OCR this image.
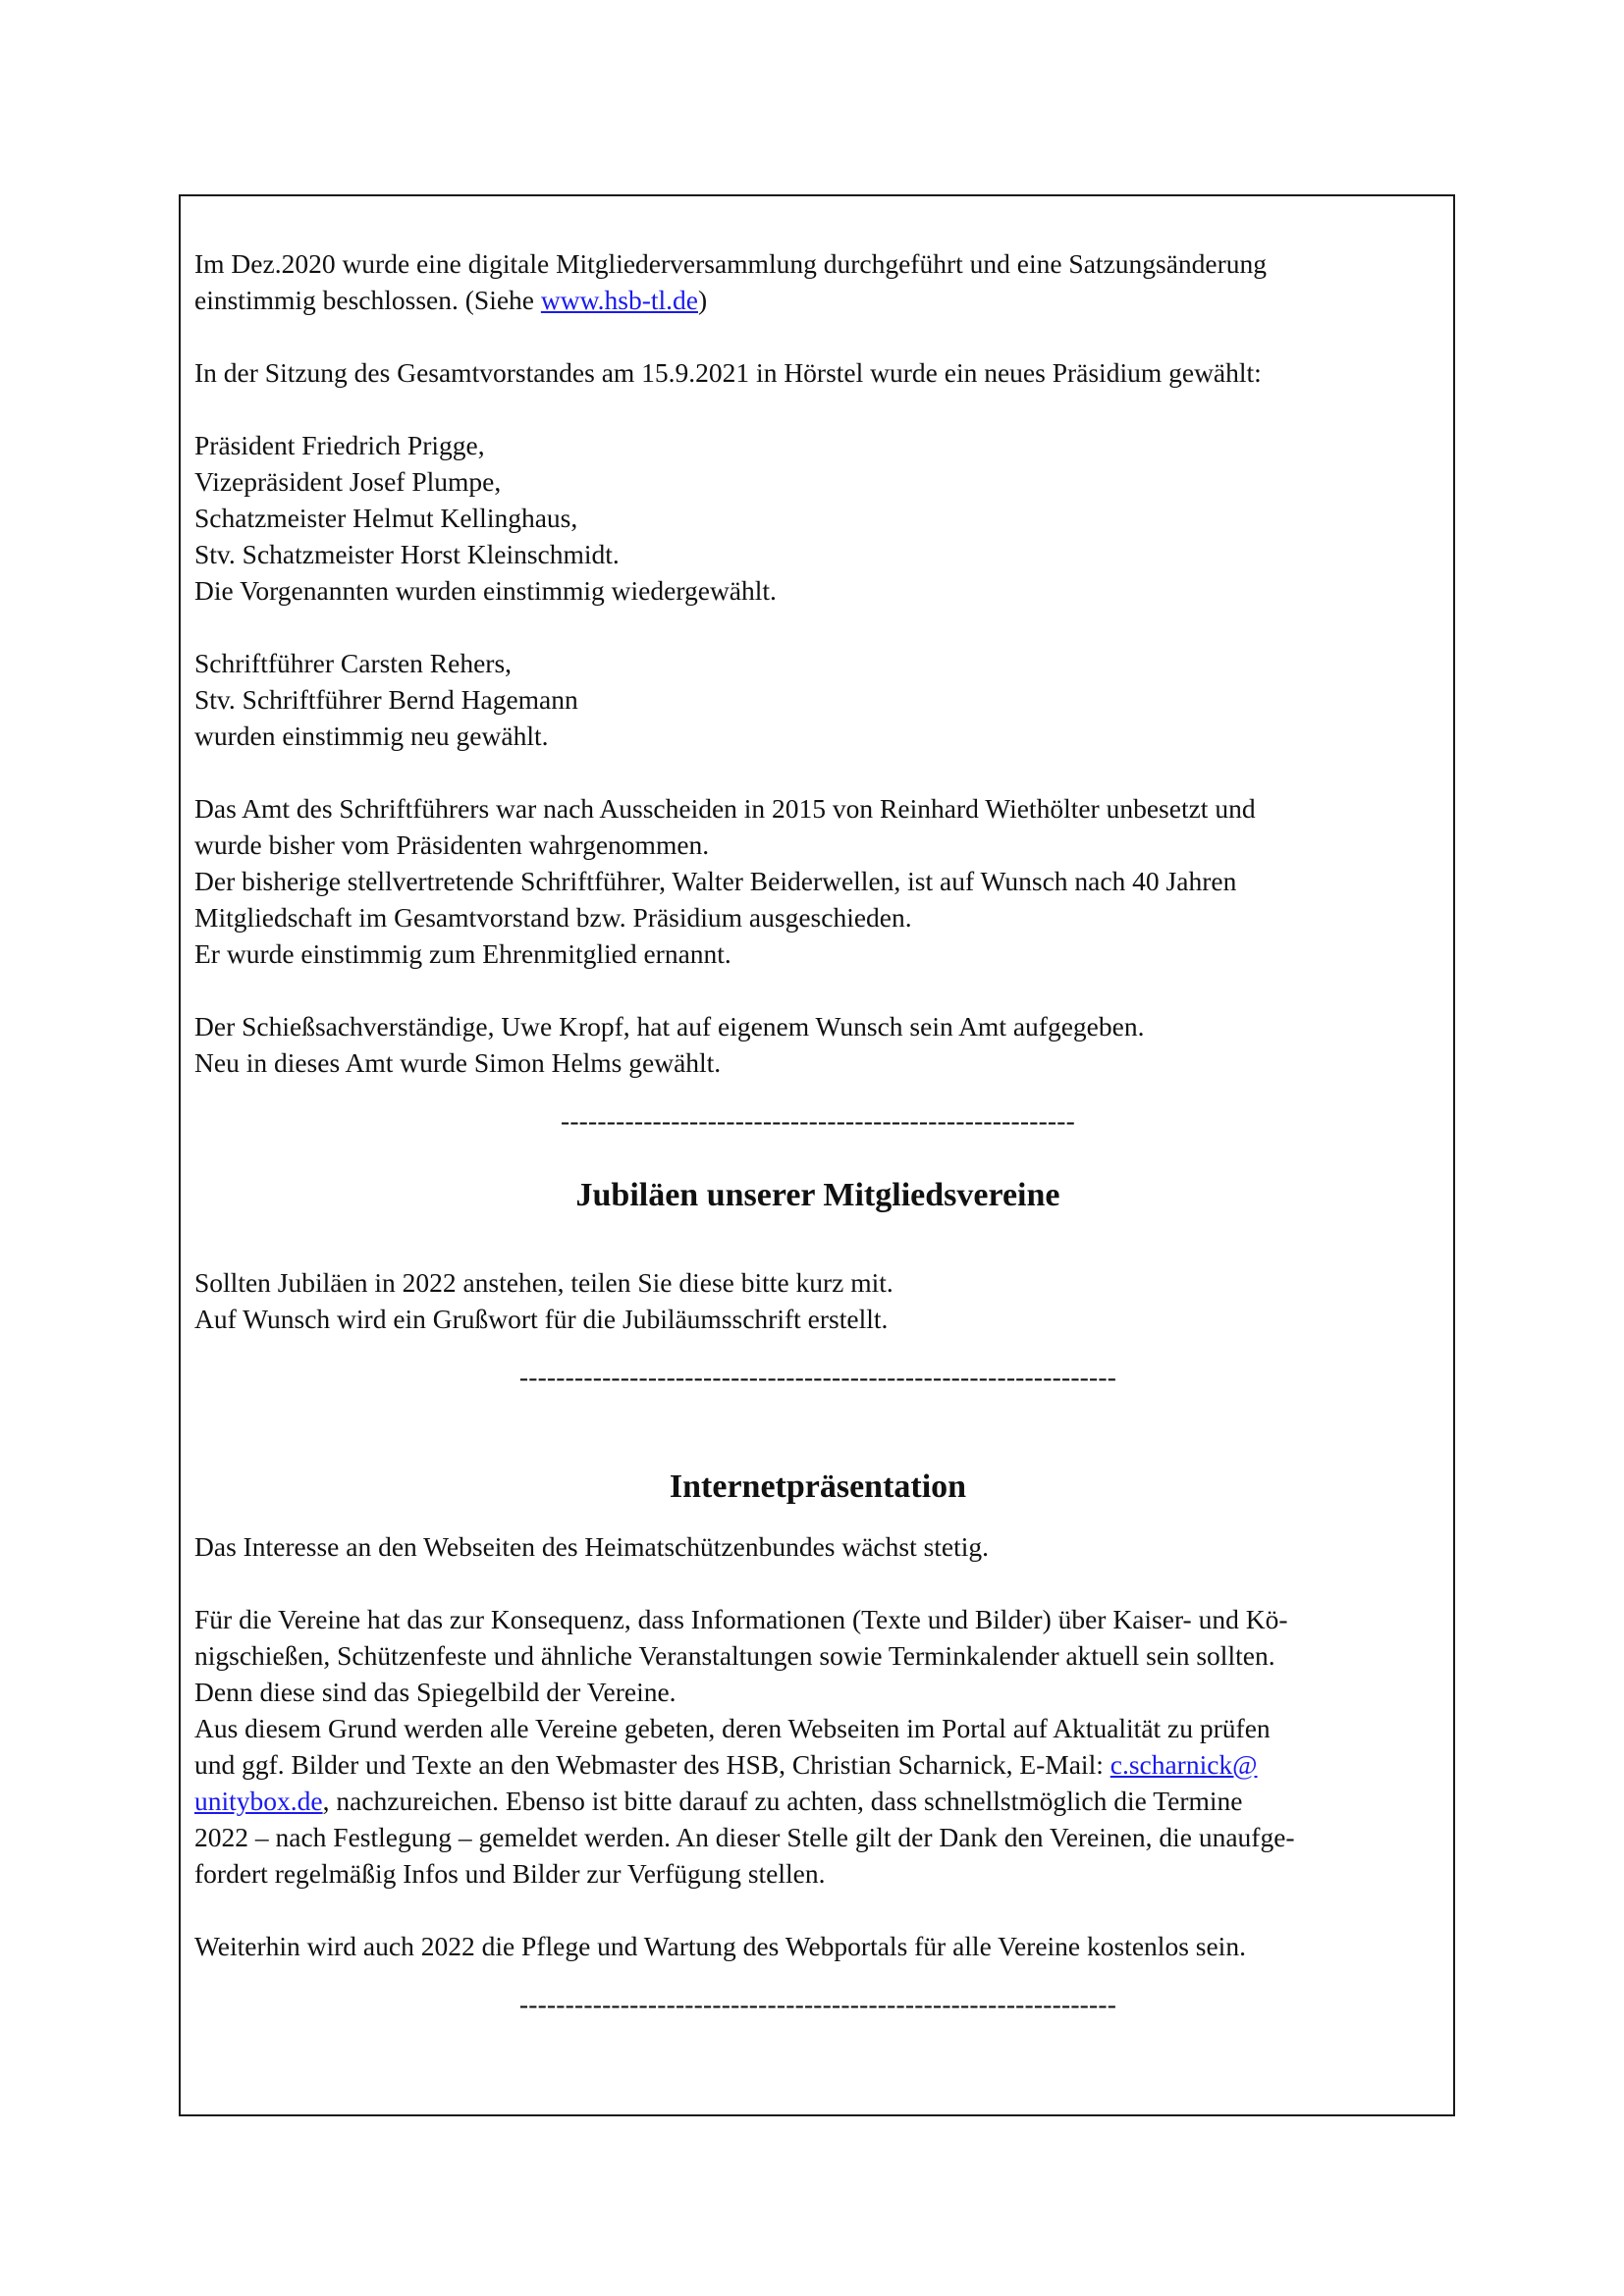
Im Dez.2020 wurde eine digitale Mitgliederversammlung durchgeführt und eine Satzungsänderung
einstimmig beschlossen. (Siehe www.hsb-tl.de)
In der Sitzung des Gesamtvorstandes am 15.9.2021 in Hörstel wurde ein neues Präsidium gewählt:
Präsident Friedrich Prigge,
Vizepräsident Josef Plumpe,
Schatzmeister Helmut Kellinghaus,
Stv. Schatzmeister Horst Kleinschmidt.
Die Vorgenannten wurden einstimmig wiedergewählt.
Schriftführer Carsten Rehers,
Stv. Schriftführer Bernd Hagemann
wurden einstimmig neu gewählt.
Das Amt des Schriftführers war nach Ausscheiden in 2015 von Reinhard Wiethölter unbesetzt und
wurde bisher vom Präsidenten wahrgenommen.
Der bisherige stellvertretende Schriftführer, Walter Beiderwellen, ist auf Wunsch nach 40 Jahren
Mitgliedschaft im Gesamtvorstand bzw. Präsidium ausgeschieden.
Er wurde einstimmig zum Ehrenmitglied ernannt.
Der Schießsachverständige, Uwe Kropf, hat auf eigenem Wunsch sein Amt aufgegeben.
Neu in dieses Amt wurde Simon Helms gewählt.
--------------------------------------------------------
Jubiläen unserer Mitgliedsvereine
Sollten Jubiläen in 2022 anstehen, teilen Sie diese bitte kurz mit.
Auf Wunsch wird ein Grußwort für die Jubiläumsschrift erstellt.
-----------------------------------------------------------------
Internetpräsentation
Das Interesse an den Webseiten des Heimatschützenbundes wächst stetig.
Für die Vereine hat das zur Konsequenz, dass Informationen (Texte und Bilder) über Kaiser- und Kö-
nigschießen, Schützenfeste und ähnliche Veranstaltungen sowie Terminkalender aktuell sein sollten.
Denn diese sind das Spiegelbild der Vereine.
Aus diesem Grund werden alle Vereine gebeten, deren Webseiten im Portal auf Aktualität zu prüfen
und ggf. Bilder und Texte an den Webmaster des HSB, Christian Scharnick, E-Mail: c.scharnick@
unitybox.de, nachzureichen. Ebenso ist bitte darauf zu achten, dass schnellstmöglich die Termine
2022 – nach Festlegung – gemeldet werden. An dieser Stelle gilt der Dank den Vereinen, die unaufge-
fordert regelmäßig Infos und Bilder zur Verfügung stellen.
Weiterhin wird auch 2022 die Pflege und Wartung des Webportals für alle Vereine kostenlos sein.
-----------------------------------------------------------------
